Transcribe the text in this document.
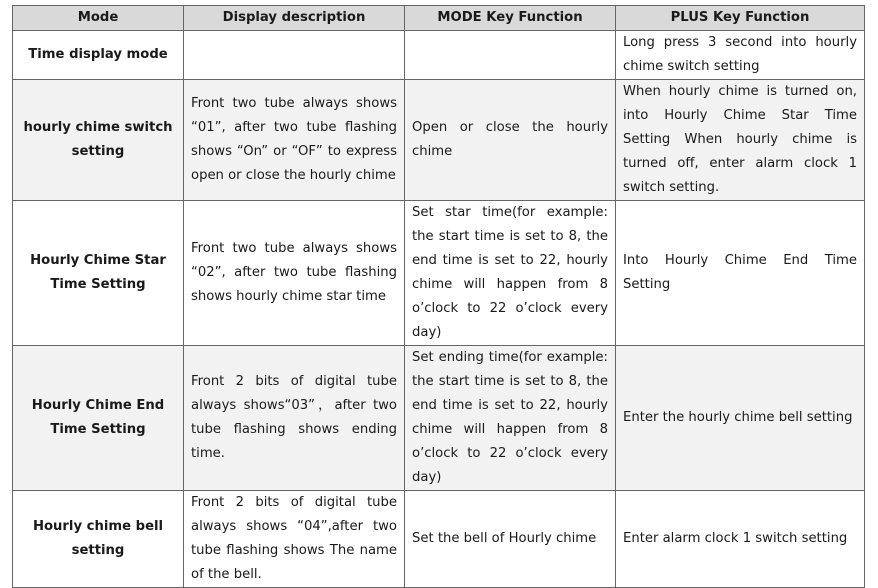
Mode	Display description	MODE Key Function	PLUS Key Function
Time display mode			Long press 3 second into hourly chime switch setting
hourly chime switch setting	Front two tube always shows “01”, after two tube flashing shows “On” or “OF” to express open or close the hourly chime	Open or close the hourly chime	When hourly chime is turned on, into Hourly Chime Star Time Setting When hourly chime is turned off, enter alarm clock 1 switch setting.
Hourly Chime Star Time Setting	Front two tube always shows “02”, after two tube flashing shows hourly chime star time	Set star time(for example: the start time is set to 8, the end time is set to 22, hourly chime will happen from 8 o’clock to 22 o’clock every day)	Into Hourly Chime End Time Setting
Hourly Chime End Time Setting	Front 2 bits of digital tube always shows“03”，after two tube flashing shows ending time.	Set ending time(for example: the start time is set to 8, the end time is set to 22, hourly chime will happen from 8 o’clock to 22 o’clock every day)	Enter the hourly chime bell setting
Hourly chime bell setting	Front 2 bits of digital tube always shows “04”,after two tube flashing shows The name of the bell.	Set the bell of Hourly chime	Enter alarm clock 1 switch setting
